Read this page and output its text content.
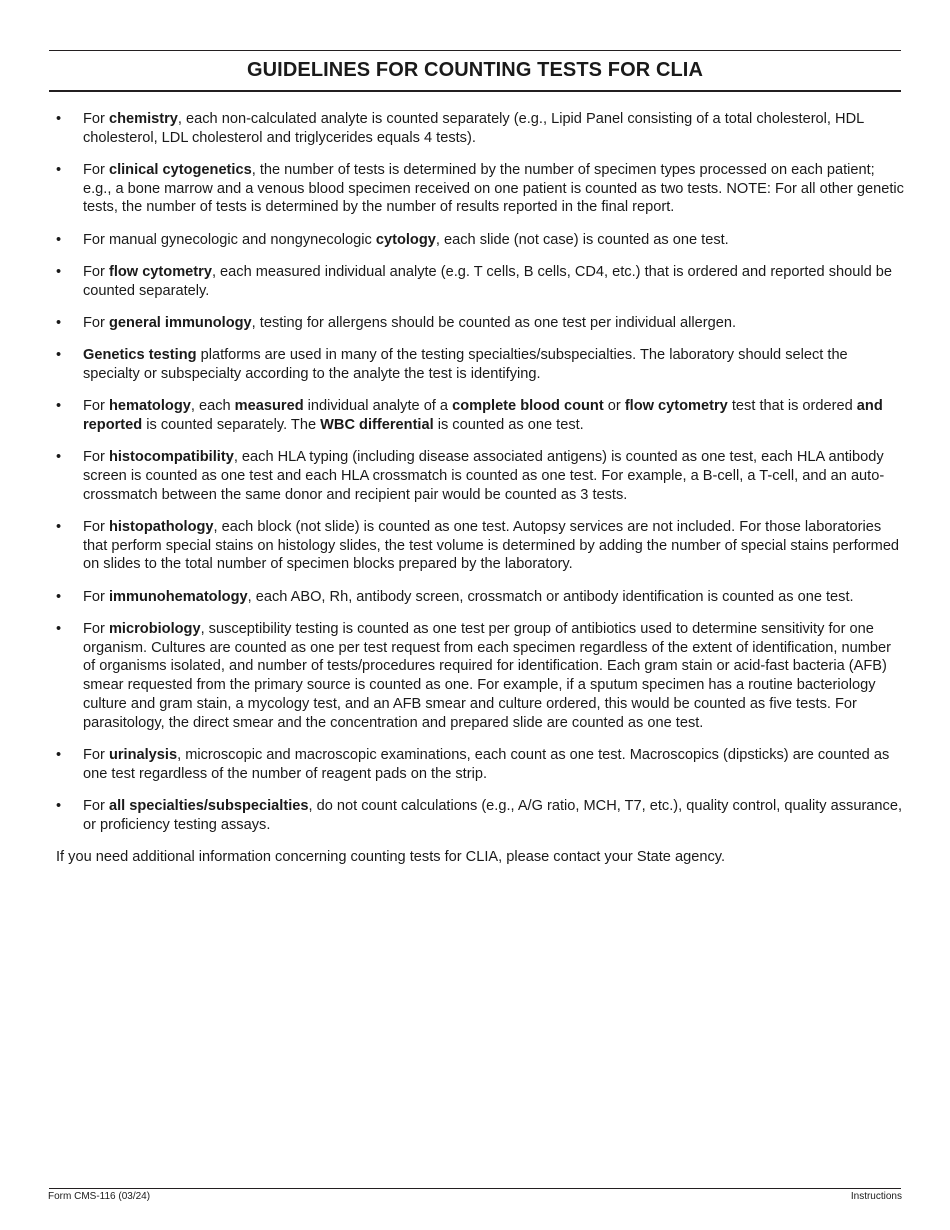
GUIDELINES FOR COUNTING TESTS FOR CLIA
•	For chemistry, each non-calculated analyte is counted separately (e.g., Lipid Panel consisting of a total cholesterol, HDL cholesterol, LDL cholesterol and triglycerides equals 4 tests).
•	For clinical cytogenetics, the number of tests is determined by the number of specimen types processed on each patient; e.g., a bone marrow and a venous blood specimen received on one patient is counted as two tests. NOTE: For all other genetic tests, the number of tests is determined by the number of results reported in the final report.
•	For manual gynecologic and nongynecologic cytology, each slide (not case) is counted as one test.
•	For flow cytometry, each measured individual analyte (e.g. T cells, B cells, CD4, etc.) that is ordered and reported should be counted separately.
•	For general immunology, testing for allergens should be counted as one test per individual allergen.
•	Genetics testing platforms are used in many of the testing specialties/subspecialties. The laboratory should select the specialty or subspecialty according to the analyte the test is identifying.
•	For hematology, each measured individual analyte of a complete blood count or flow cytometry test that is ordered and reported is counted separately. The WBC differential is counted as one test.
•	For histocompatibility, each HLA typing (including disease associated antigens) is counted as one test, each HLA antibody screen is counted as one test and each HLA crossmatch is counted as one test. For example, a B-cell, a T-cell, and an auto-crossmatch between the same donor and recipient pair would be counted as 3 tests.
•	For histopathology, each block (not slide) is counted as one test. Autopsy services are not included. For those laboratories that perform special stains on histology slides, the test volume is determined by adding the number of special stains performed on slides to the total number of specimen blocks prepared by the laboratory.
•	For immunohematology, each ABO, Rh, antibody screen, crossmatch or antibody identification is counted as one test.
•	For microbiology, susceptibility testing is counted as one test per group of antibiotics used to determine sensitivity for one organism. Cultures are counted as one per test request from each specimen regardless of the extent of identification, number of organisms isolated, and number of tests/procedures required for identification. Each gram stain or acid-fast bacteria (AFB) smear requested from the primary source is counted as one. For example, if a sputum specimen has a routine bacteriology culture and gram stain, a mycology test, and an AFB smear and culture ordered, this would be counted as five tests. For parasitology, the direct smear and the concentration and prepared slide are counted as one test.
•	For urinalysis, microscopic and macroscopic examinations, each count as one test. Macroscopics (dipsticks) are counted as one test regardless of the number of reagent pads on the strip.
•	For all specialties/subspecialties, do not count calculations (e.g., A/G ratio, MCH, T7, etc.), quality control, quality assurance, or proficiency testing assays.

If you need additional information concerning counting tests for CLIA, please contact your State agency.

Form CMS-116 (03/24)	Instructions
